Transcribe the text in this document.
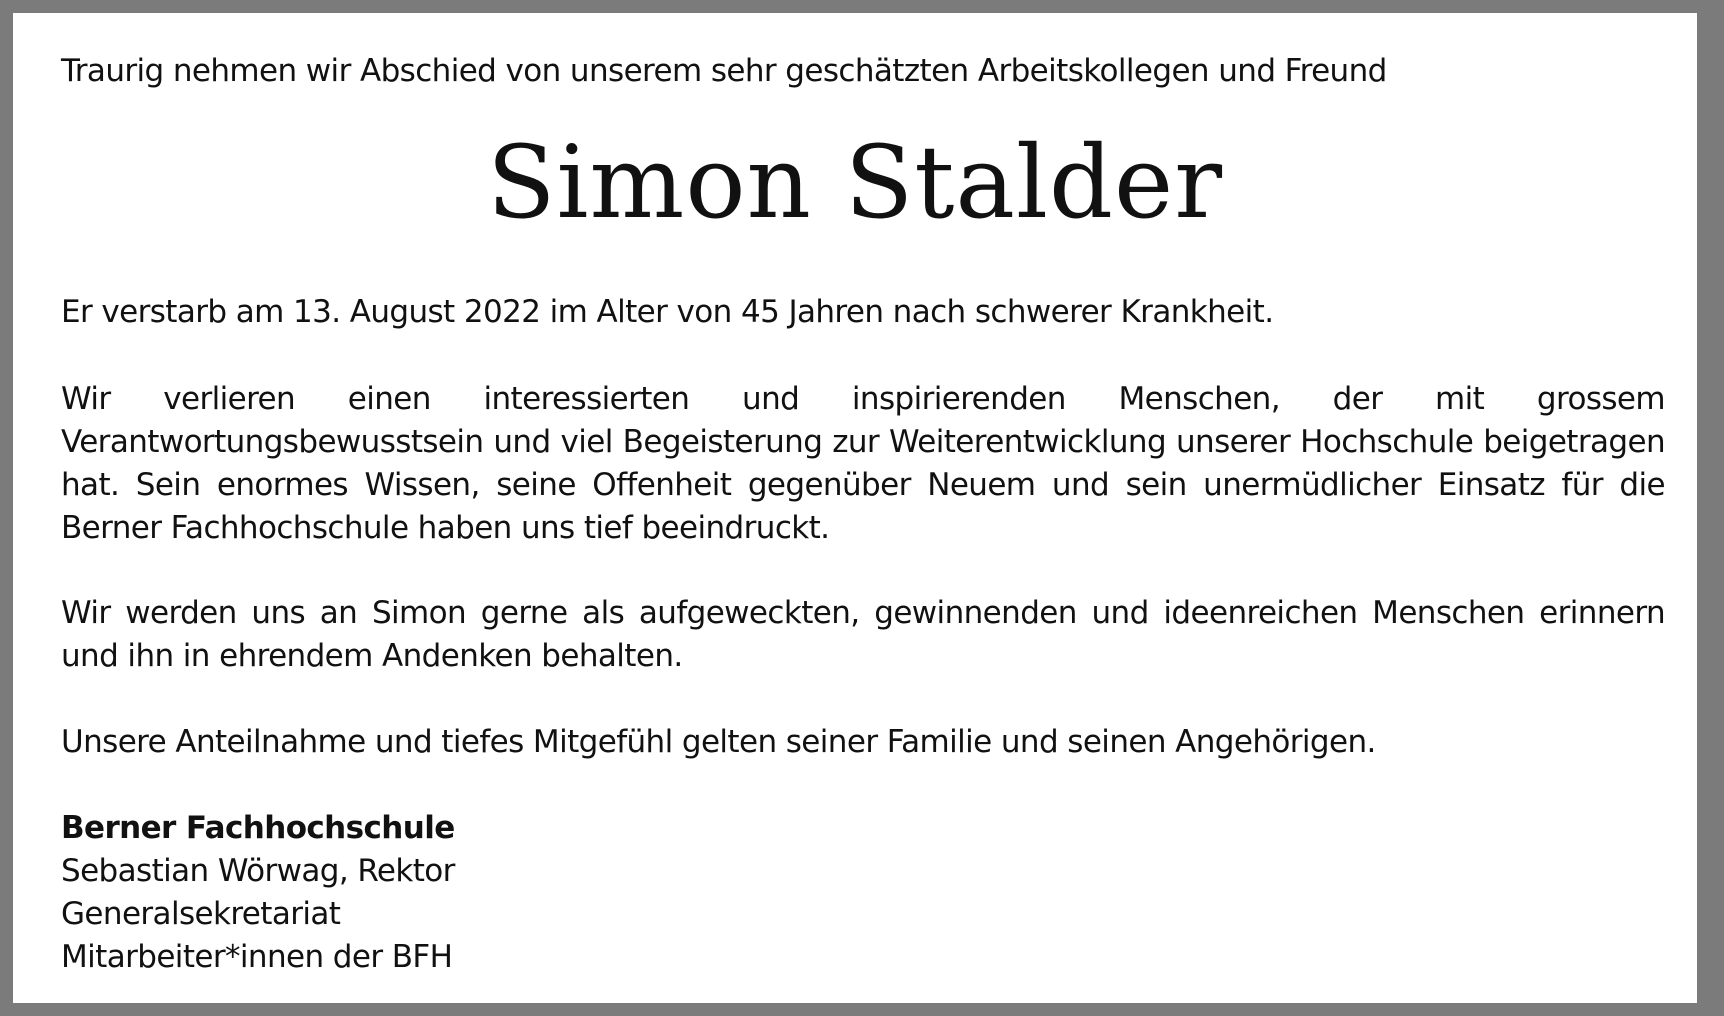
Traurig nehmen wir Abschied von unserem sehr geschätzten Arbeitskollegen und Freund

Simon Stalder

Er verstarb am 13. August 2022 im Alter von 45 Jahren nach schwerer Krankheit.

Wir verlieren einen interessierten und inspirierenden Menschen, der mit grossem Verantwortungsbewusstsein und viel Begeisterung zur Weiterentwicklung unserer Hochschule beigetragen hat. Sein enormes Wissen, seine Offenheit gegenüber Neuem und sein unermüdlicher Einsatz für die Berner Fachhochschule haben uns tief beeindruckt.

Wir werden uns an Simon gerne als aufgeweckten, gewinnenden und ideenreichen Menschen erinnern und ihn in ehrendem Andenken behalten.

Unsere Anteilnahme und tiefes Mitgefühl gelten seiner Familie und seinen Angehörigen.

Berner Fachhochschule
Sebastian Wörwag, Rektor
Generalsekretariat
Mitarbeiter*innen der BFH
